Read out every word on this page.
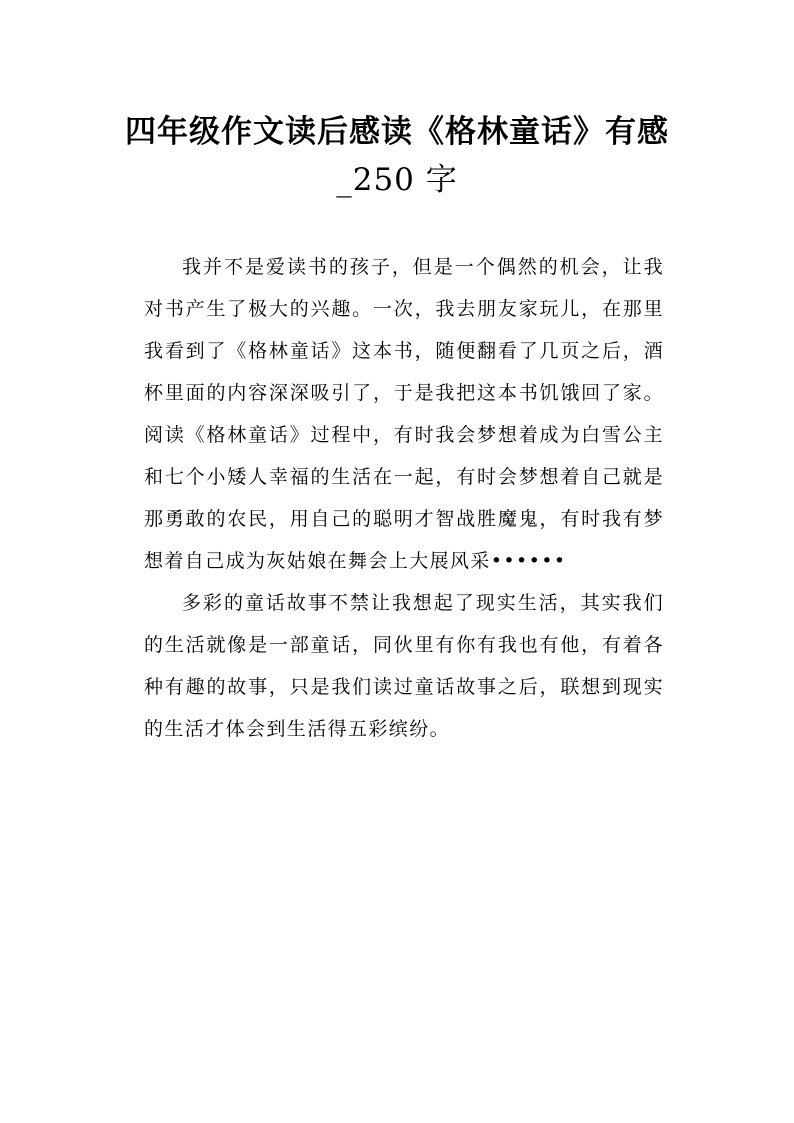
四年级作文读后感读《格林童话》有感
_250 字

我并不是爱读书的孩子，但是一个偶然的机会，让我对书产生了极大的兴趣。一次，我去朋友家玩儿，在那里我看到了《格林童话》这本书，随便翻看了几页之后，酒杯里面的内容深深吸引了，于是我把这本书饥饿回了家。阅读《格林童话》过程中，有时我会梦想着成为白雪公主和七个小矮人幸福的生活在一起，有时会梦想着自己就是那勇敢的农民，用自己的聪明才智战胜魔鬼，有时我有梦想着自己成为灰姑娘在舞会上大展风采••••••

多彩的童话故事不禁让我想起了现实生活，其实我们的生活就像是一部童话，同伙里有你有我也有他，有着各种有趣的故事，只是我们读过童话故事之后，联想到现实的生活才体会到生活得五彩缤纷。
